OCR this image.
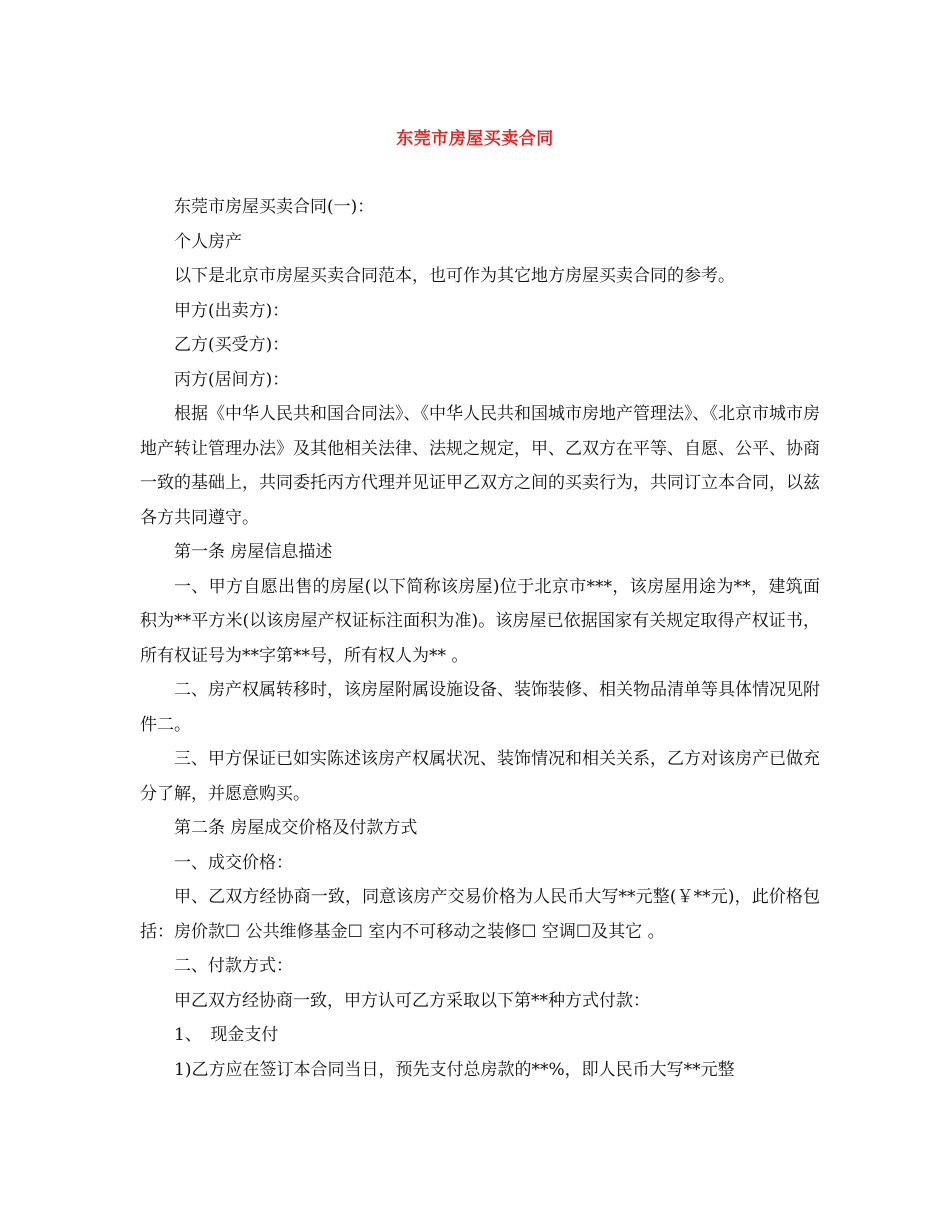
东莞市房屋买卖合同

东莞市房屋买卖合同(一)：

个人房产

以下是北京市房屋买卖合同范本，也可作为其它地方房屋买卖合同的参考。

甲方(出卖方)：

乙方(买受方)：

丙方(居间方)：

根据《中华人民共和国合同法》、《中华人民共和国城市房地产管理法》、《北京市城市房地产转让管理办法》及其他相关法律、法规之规定，甲、乙双方在平等、自愿、公平、协商一致的基础上，共同委托丙方代理并见证甲乙双方之间的买卖行为，共同订立本合同，以兹各方共同遵守。

第一条 房屋信息描述

一、甲方自愿出售的房屋(以下简称该房屋)位于北京市***，该房屋用途为**，建筑面积为**平方米(以该房屋产权证标注面积为准)。该房屋已依据国家有关规定取得产权证书，所有权证号为**字第**号，所有权人为** 。

二、房产权属转移时，该房屋附属设施设备、装饰装修、相关物品清单等具体情况见附件二。

三、甲方保证已如实陈述该房产权属状况、装饰情况和相关关系，乙方对该房产已做充分了解，并愿意购买。

第二条 房屋成交价格及付款方式

一、成交价格：

甲、乙双方经协商一致，同意该房产交易价格为人民币大写**元整(￥**元)，此价格包括：房价款☐ 公共维修基金☐ 室内不可移动之装修☐ 空调☐及其它 。

二、付款方式：

甲乙双方经协商一致，甲方认可乙方采取以下第**种方式付款：

1、　现金支付

1)乙方应在签订本合同当日，预先支付总房款的**%，即人民币大写**元整
